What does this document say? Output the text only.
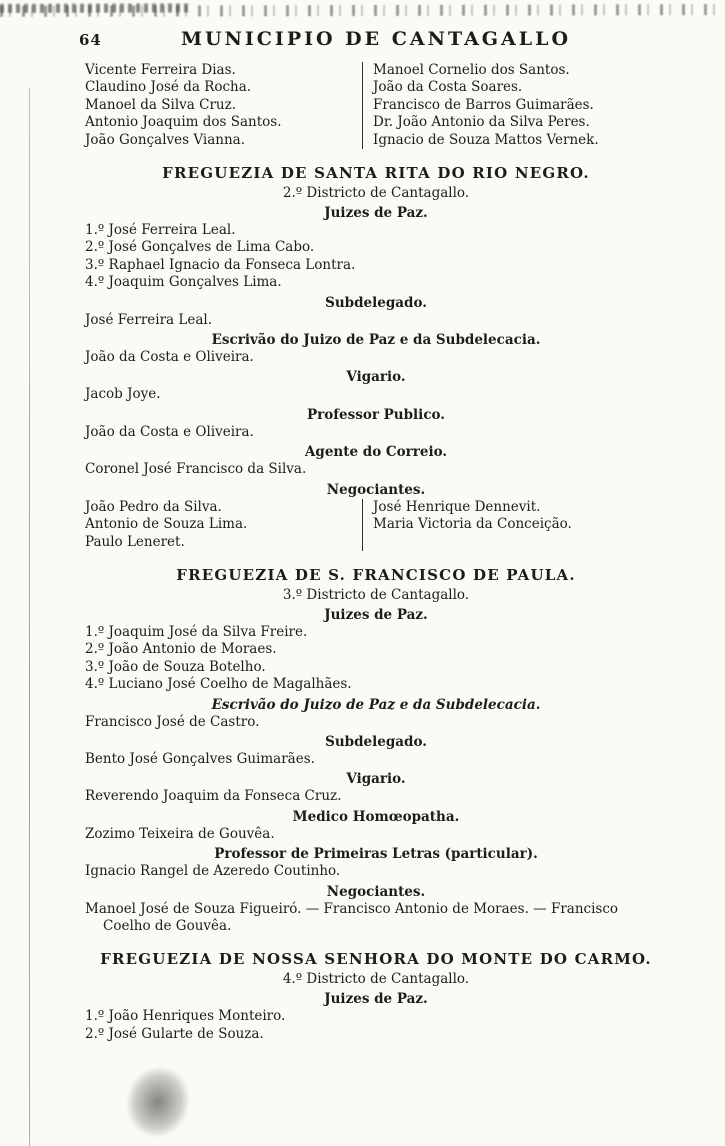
64	MUNICIPIO DE CANTAGALLO
Vicente Ferreira Dias.
Claudino José da Rocha.
Manoel da Silva Cruz.
Antonio Joaquim dos Santos.
João Gonçalves Vianna.
Manoel Cornelio dos Santos.
João da Costa Soares.
Francisco de Barros Guimarães.
Dr. João Antonio da Silva Peres.
Ignacio de Souza Mattos Vernek.
FREGUEZIA DE SANTA RITA DO RIO NEGRO.
2.º Districto de Cantagallo.
Juizes de Paz.
1.º José Ferreira Leal.
2.º José Gonçalves de Lima Cabo.
3.º Raphael Ignacio da Fonseca Lontra.
4.º Joaquim Gonçalves Lima.
Subdelegado.
José Ferreira Leal.
Escrivão do Juizo de Paz e da Subdelecacia.
João da Costa e Oliveira.
Vigario.
Jacob Joye.
Professor Publico.
João da Costa e Oliveira.
Agente do Correio.
Coronel José Francisco da Silva.
Negociantes.
João Pedro da Silva.
Antonio de Souza Lima.
Paulo Leneret.
José Henrique Dennevit.
Maria Victoria da Conceição.
FREGUEZIA DE S. FRANCISCO DE PAULA.
3.º Districto de Cantagallo.
Juizes de Paz.
1.º Joaquim José da Silva Freire.
2.º João Antonio de Moraes.
3.º João de Souza Botelho.
4.º Luciano José Coelho de Magalhães.
Escrivão do Juizo de Paz e da Subdelecacia.
Francisco José de Castro.
Subdelegado.
Bento José Gonçalves Guimarães.
Vigario.
Reverendo Joaquim da Fonseca Cruz.
Medico Homœopatha.
Zozimo Teixeira de Gouvêa.
Professor de Primeiras Letras (particular).
Ignacio Rangel de Azeredo Coutinho.
Negociantes.
Manoel José de Souza Figueiró. — Francisco Antonio de Moraes. — Francisco Coelho de Gouvêa.
FREGUEZIA DE NOSSA SENHORA DO MONTE DO CARMO.
4.º Districto de Cantagallo.
Juizes de Paz.
1.º João Henriques Monteiro.
2.º José Gularte de Souza.
